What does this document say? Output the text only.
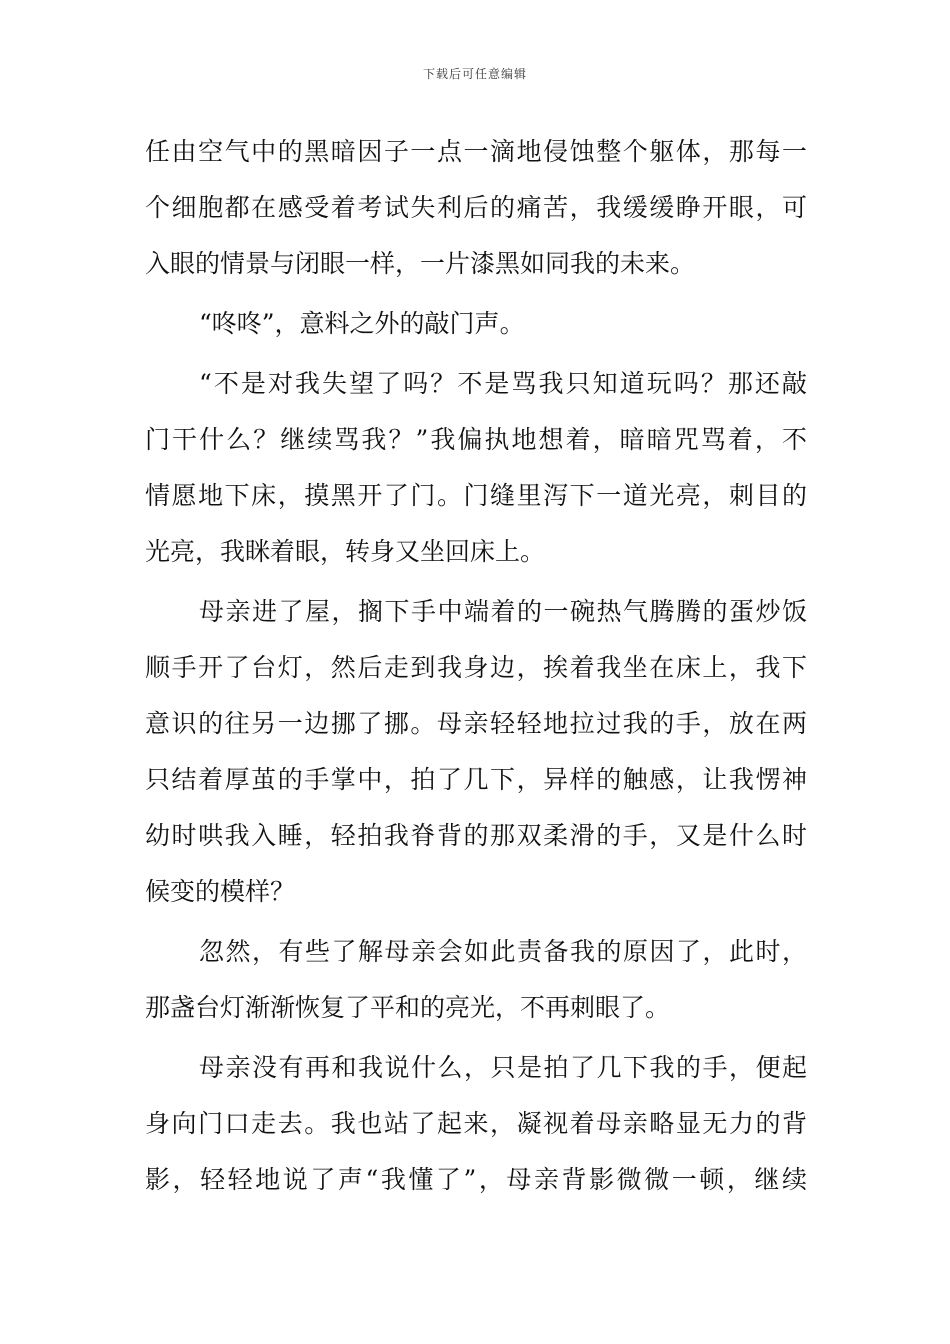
下载后可任意编辑
任由空气中的黑暗因子一点一滴地侵蚀整个躯体，那每一
个细胞都在感受着考试失利后的痛苦，我缓缓睁开眼，可
入眼的情景与闭眼一样，一片漆黑如同我的未来。
“咚咚”，意料之外的敲门声。
“不是对我失望了吗？不是骂我只知道玩吗？那还敲
门干什么？继续骂我？”我偏执地想着，暗暗咒骂着，不
情愿地下床，摸黑开了门。门缝里泻下一道光亮，刺目的
光亮，我眯着眼，转身又坐回床上。
母亲进了屋，搁下手中端着的一碗热气腾腾的蛋炒饭
顺手开了台灯，然后走到我身边，挨着我坐在床上，我下
意识的往另一边挪了挪。母亲轻轻地拉过我的手，放在两
只结着厚茧的手掌中，拍了几下，异样的触感，让我愣神
幼时哄我入睡，轻拍我脊背的那双柔滑的手，又是什么时
候变的模样？
忽然，有些了解母亲会如此责备我的原因了，此时，
那盏台灯渐渐恢复了平和的亮光，不再刺眼了。
母亲没有再和我说什么，只是拍了几下我的手，便起
身向门口走去。我也站了起来，凝视着母亲略显无力的背
影，轻轻地说了声“我懂了”，母亲背影微微一顿，继续
